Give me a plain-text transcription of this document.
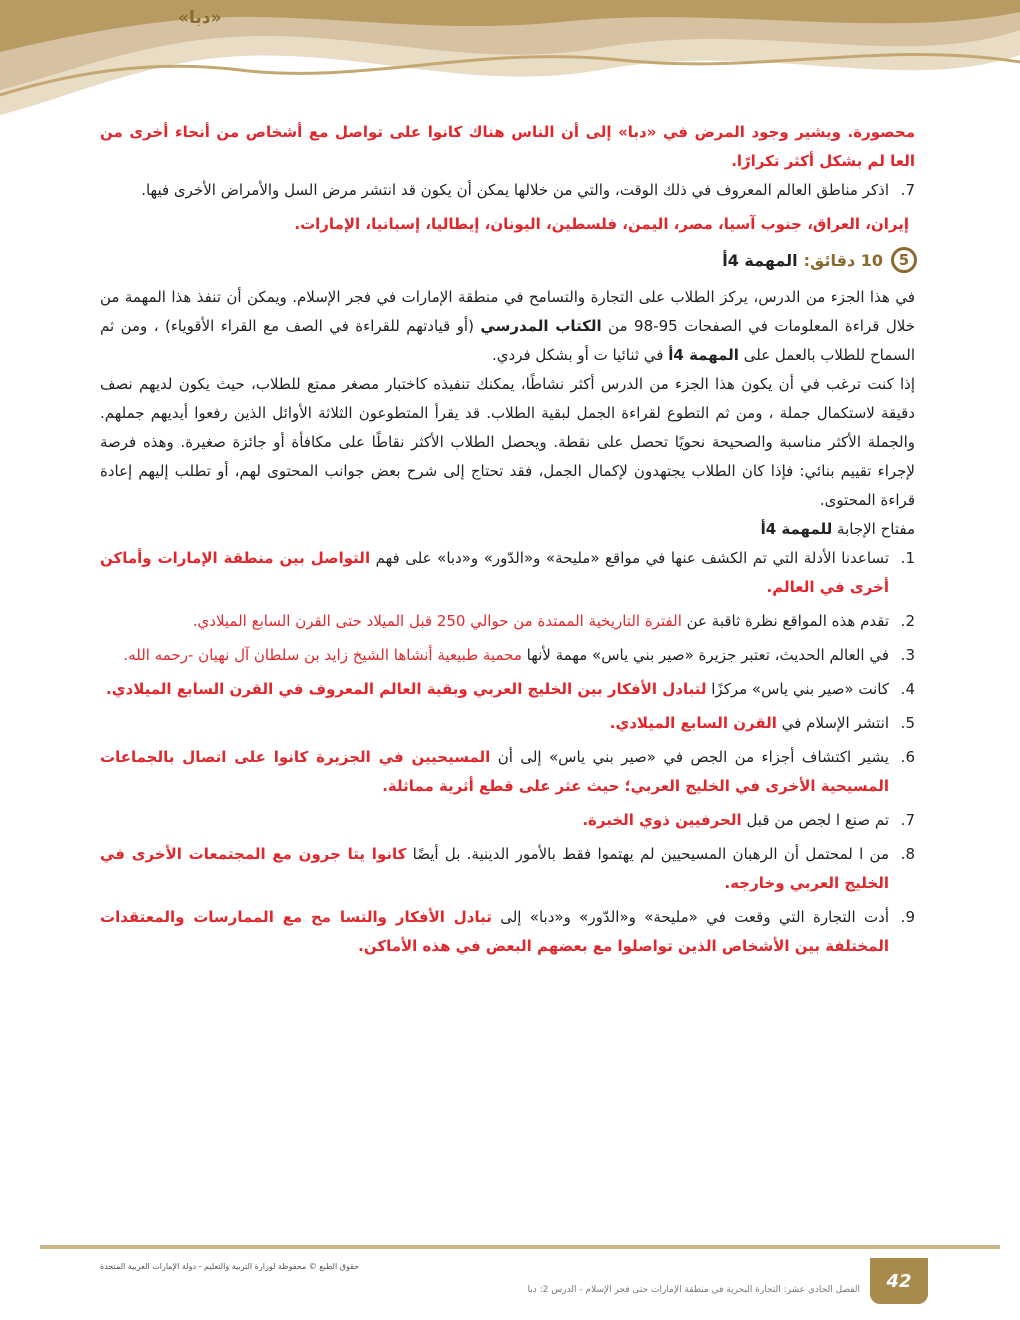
«دبا»

محصورة. ويشير وجود المرض في «دبا» إلى أن الناس هناك كانوا على تواصل مع أشخاص من أنحاء أخرى من العا لم بشكل أكثر تكرارًا.

7.
اذكر مناطق العالم المعروف في ذلك الوقت، والتي من خلالها يمكن أن يكون قد انتشر مرض السل والأمراض الأخرى فيها.

إيران، العراق، جنوب آسيا، مصر، اليمن، فلسطين، اليونان، إيطاليا، إسبانيا، الإمارات.

5
10 دقائق:
المهمة 4أ

في هذا الجزء من الدرس، يركز الطلاب على التجارة والتسامح في منطقة الإمارات في فجر الإسلام. ويمكن أن تنفذ هذا المهمة من خلال قراءة المعلومات في الصفحات 95-98 من الكتاب المدرسي (أو قيادتهم للقراءة في الصف مع القراء الأقوياء) ، ومن ثم السماح للطلاب بالعمل على المهمة 4أ في ثنائيا ت أو بشكل فردي.

إذا كنت ترغب في أن يكون هذا الجزء من الدرس أكثر نشاطًا، يمكنك تنفيذه كاختبار مصغر ممتع للطلاب، حيث يكون لديهم نصف دقيقة لاستكمال جملة ، ومن ثم التطوع لقراءة الجمل لبقية الطلاب. قد يقرأ المتطوعون الثلاثة الأوائل الذين رفعوا أيديهم جملهم. والجملة الأكثر مناسبة والصحيحة نحويًا تحصل على نقطة. ويحصل الطلاب الأكثر نقاطًا على مكافأة أو جائزة صغيرة. وهذه فرصة لإجراء تقييم بنائي: فإذا كان الطلاب يجتهدون لإكمال الجمل، فقد تحتاج إلى شرح بعض جوانب المحتوى لهم، أو تطلب إليهم إعادة قراءة المحتوى.

مفتاح الإجابة للمهمة 4أ

1.
تساعدنا الأدلة التي تم الكشف عنها في مواقع «مليحة» و«الدّور» و«دبا» على فهم التواصل بين منطقة الإمارات وأماكن أخرى في العالم.
2.
تقدم هذه المواقع نظرة ثاقبة عن الفترة التاريخية الممتدة من حوالي 250 قبل الميلاد حتى القرن السابع الميلادي.
3.
في العالم الحديث، تعتبر جزيرة «صير بني ياس» مهمة لأنها محمية طبيعية أنشاها الشيخ زايد بن سلطان آل نهيان -رحمه الله.
4.
كانت «صير بني ياس» مركزًا لتبادل الأفكار بين الخليج العربي وبقية العالم المعروف في القرن السابع الميلادي.
5.
انتشر الإسلام في القرن السابع الميلادي.
6.
يشير اكتشاف أجزاء من الجص في «صير بني ياس» إلى أن المسيحيين في الجزيرة كانوا على اتصال بالجماعات المسيحية الأخرى في الخليج العربي؛ حيث عثر على قطع أثرية مماثلة.
7.
تم صنع ا لجص من قبل الحرفيين ذوي الخبرة.
8.
من ا لمحتمل أن الرهبان المسيحيين لم يهتموا فقط بالأمور الدينية. بل أيضًا كانوا يتا جرون مع المجتمعات الأخرى في الخليج العربي وخارجه.
9.
أدت التجارة التي وقعت في «مليحة» و«الدّور» و«دبا» إلى تبادل الأفكار والتسا مح مع الممارسات والمعتقدات المختلفة بين الأشخاص الذين تواصلوا مع بعضهم البعض في هذه الأماكن.
حقوق الطبع © محفوظة لوزارة التربية والتعليم - دولة الإمارات العربية المتحدة
الفصل الحادي عشر: التجارة البحرية في منطقة الإمارات حتى فجر الإسلام - الدرس 2: دبا	42
